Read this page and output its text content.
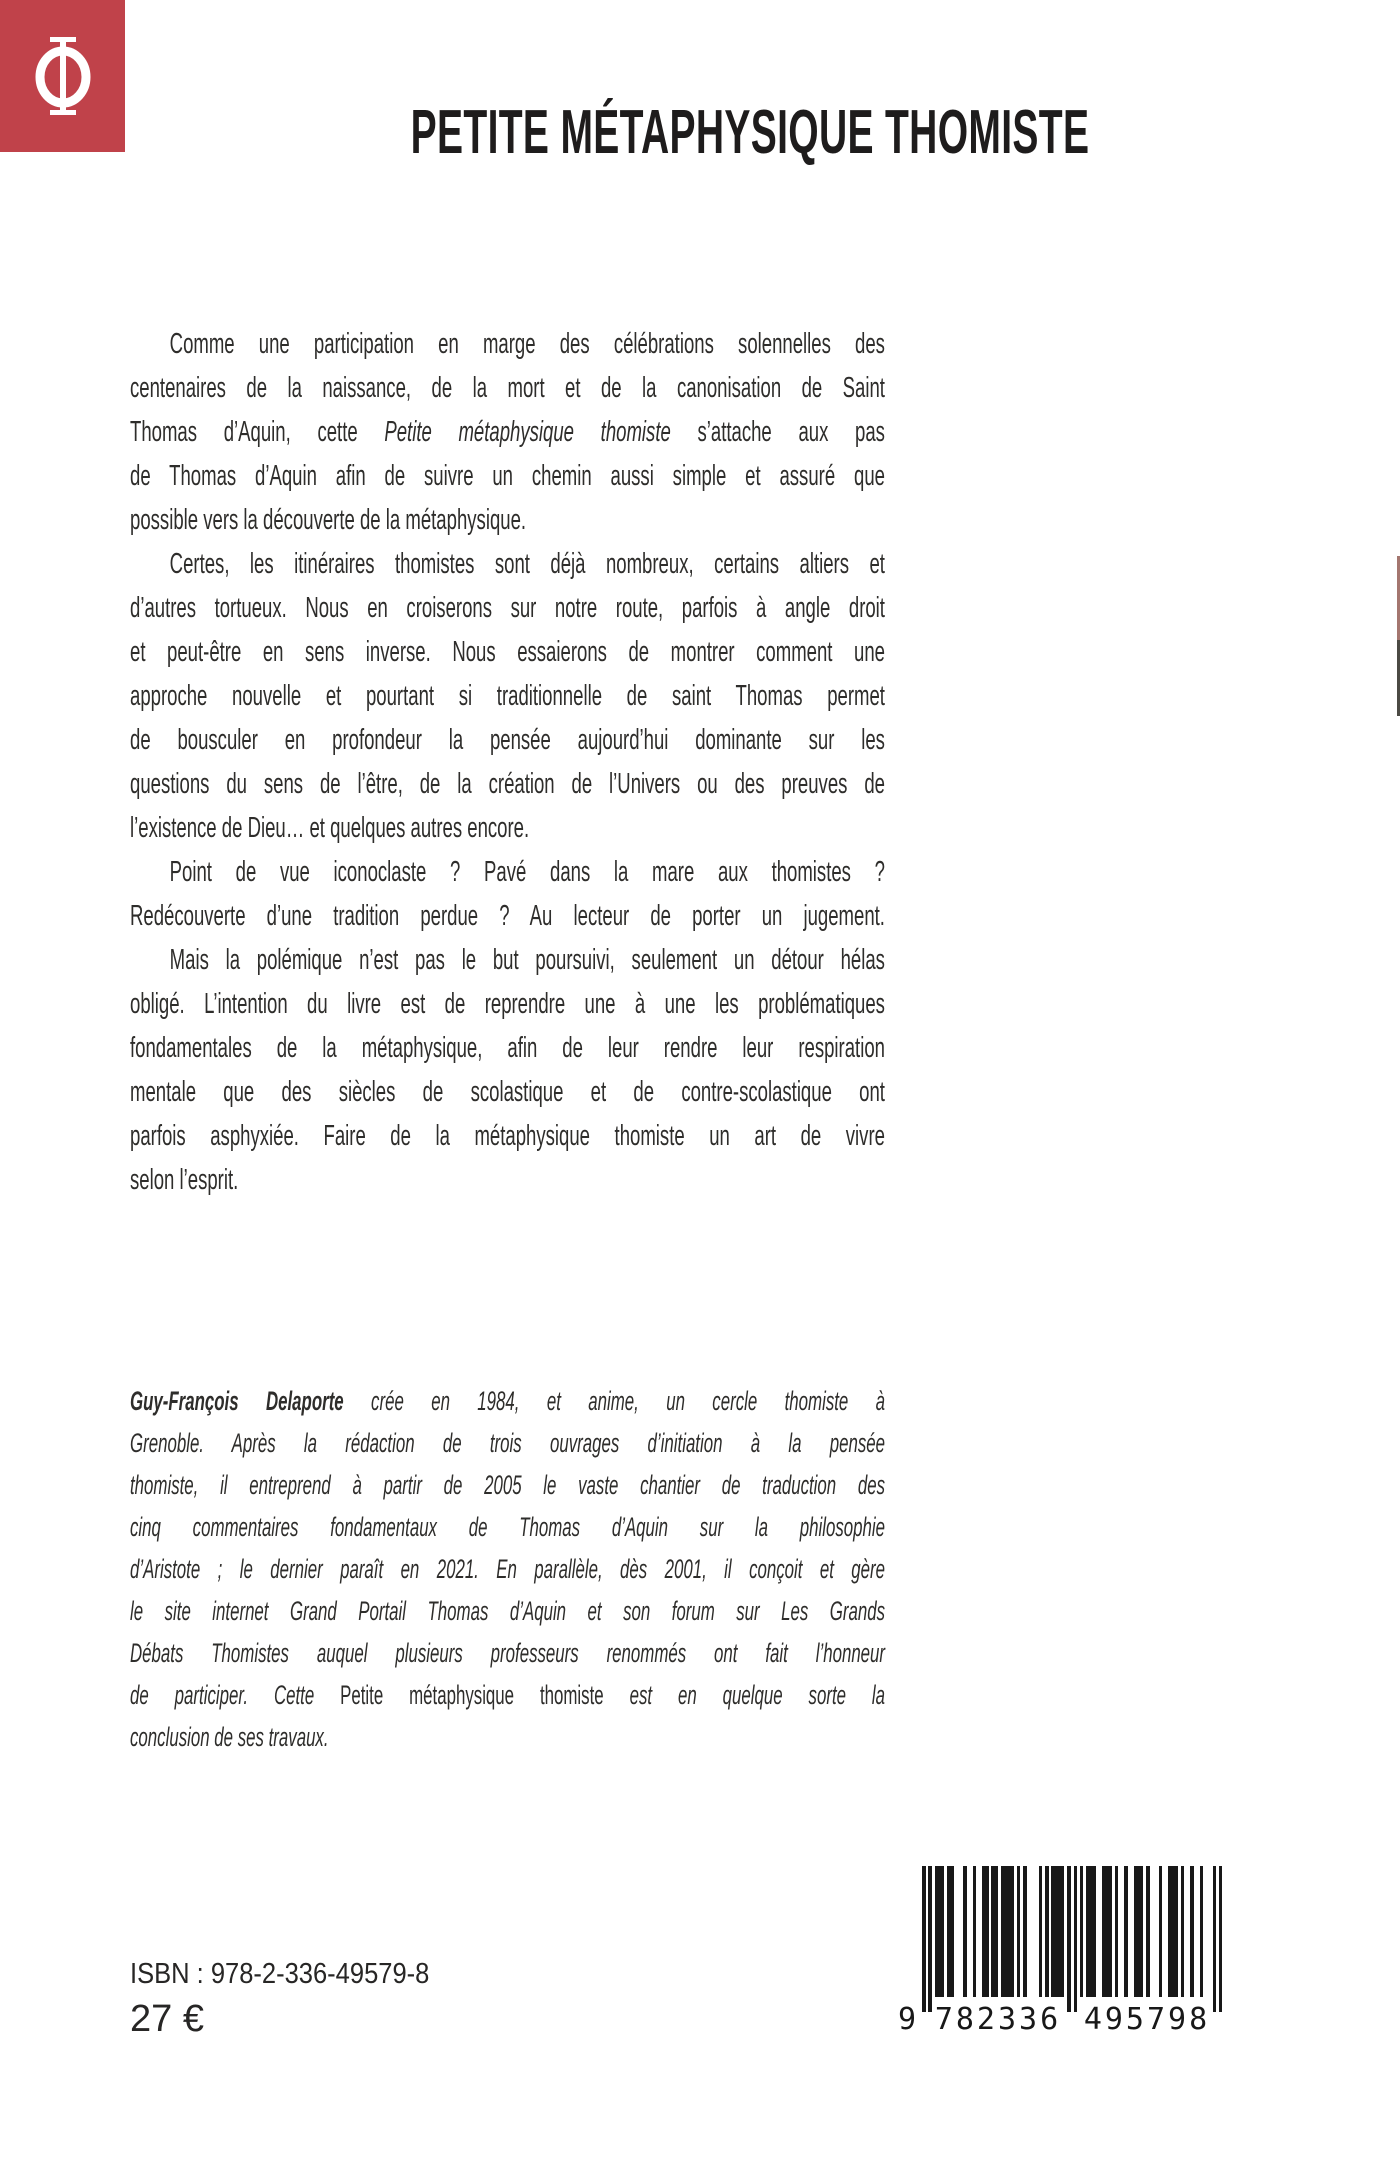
PETITE MÉTAPHYSIQUE THOMISTE
Comme une participation en marge des célébrations solennelles des
centenaires de la naissance, de la mort et de la canonisation de Saint
Thomas d’Aquin, cette Petite métaphysique thomiste s’attache aux pas
de Thomas d’Aquin afin de suivre un chemin aussi simple et assuré que
possible vers la découverte de la métaphysique.
Certes, les itinéraires thomistes sont déjà nombreux, certains altiers et
d’autres tortueux. Nous en croiserons sur notre route, parfois à angle droit
et peut-être en sens inverse. Nous essaierons de montrer comment une
approche nouvelle et pourtant si traditionnelle de saint Thomas permet
de bousculer en profondeur la pensée aujourd’hui dominante sur les
questions du sens de l’être, de la création de l’Univers ou des preuves de
l’existence de Dieu… et quelques autres encore.
Point de vue iconoclaste ? Pavé dans la mare aux thomistes ?
Redécouverte d’une tradition perdue ? Au lecteur de porter un jugement.
Mais la polémique n’est pas le but poursuivi, seulement un détour hélas
obligé. L’intention du livre est de reprendre une à une les problématiques
fondamentales de la métaphysique, afin de leur rendre leur respiration
mentale que des siècles de scolastique et de contre-scolastique ont
parfois asphyxiée. Faire de la métaphysique thomiste un art de vivre
selon l’esprit.
Guy-François Delaporte crée en 1984, et anime, un cercle thomiste à
Grenoble. Après la rédaction de trois ouvrages d’initiation à la pensée
thomiste, il entreprend à partir de 2005 le vaste chantier de traduction des
cinq commentaires fondamentaux de Thomas d’Aquin sur la philosophie
d’Aristote ; le dernier paraît en 2021. En parallèle, dès 2001, il conçoit et gère
le site internet Grand Portail Thomas d’Aquin et son forum sur Les Grands
Débats Thomistes auquel plusieurs professeurs renommés ont fait l’honneur
de participer. Cette Petite métaphysique thomiste est en quelque sorte la
conclusion de ses travaux.
ISBN : 978-2-336-49579-8
27 €	9 782336 495798
